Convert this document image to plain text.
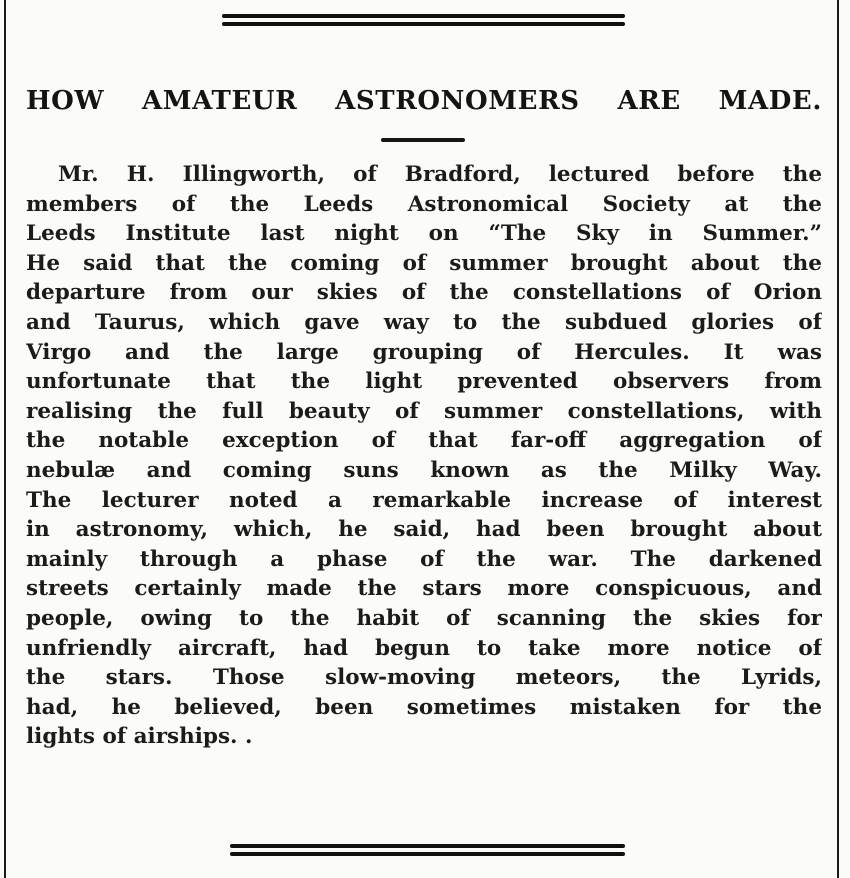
HOW AMATEUR ASTRONOMERS ARE MADE.
Mr. H. Illingworth, of Bradford, lectured before the
members of the Leeds Astronomical Society at the
Leeds Institute last night on “The Sky in Summer.”
He said that the coming of summer brought about the
departure from our skies of the constellations of Orion
and Taurus, which gave way to the subdued glories of
Virgo and the large grouping of Hercules. It was
unfortunate that the light prevented observers from
realising the full beauty of summer constellations, with
the notable exception of that far-off aggregation of
nebulæ and coming suns known as the Milky Way.
The lecturer noted a remarkable increase of interest
in astronomy, which, he said, had been brought about
mainly through a phase of the war. The darkened
streets certainly made the stars more conspicuous, and
people, owing to the habit of scanning the skies for
unfriendly aircraft, had begun to take more notice of
the stars. Those slow-moving meteors, the Lyrids,
had, he believed, been sometimes mistaken for the
lights of airships. .
